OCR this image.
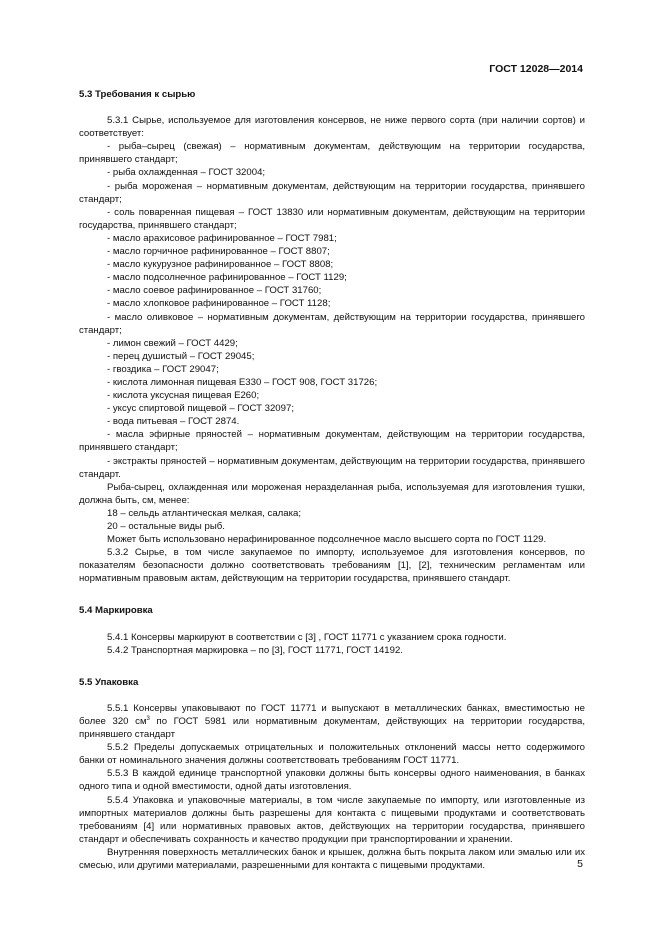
ГОСТ 12028—2014
5.3 Требования к сырью

5.3.1 Сырье, используемое для изготовления консервов, не ниже первого сорта (при наличии сортов) и соответствует:

- рыба–сырец (свежая) – нормативным документам, действующим на территории государства, принявшего стандарт;

- рыба охлажденная – ГОСТ 32004;

- рыба мороженая – нормативным документам, действующим на территории государства, принявшего стандарт;

- соль поваренная пищевая – ГОСТ 13830 или нормативным документам, действующим на территории государства, принявшего стандарт;

- масло арахисовое рафинированное – ГОСТ 7981;

- масло горчичное рафинированное – ГОСТ 8807;

- масло кукурузное рафинированное – ГОСТ 8808;

- масло подсолнечное рафинированное – ГОСТ 1129;

- масло соевое рафинированное – ГОСТ 31760;

- масло хлопковое рафинированное – ГОСТ 1128;

- масло оливковое – нормативным документам, действующим на территории государства, принявшего стандарт;

- лимон свежий – ГОСТ 4429;

- перец душистый – ГОСТ 29045;

- гвоздика – ГОСТ 29047;

- кислота лимонная пищевая Е330 – ГОСТ 908, ГОСТ 31726;

- кислота уксусная пищевая Е260;

- уксус спиртовой пищевой – ГОСТ 32097;

- вода питьевая – ГОСТ 2874.

- масла эфирные пряностей – нормативным документам, действующим на территории государства, принявшего стандарт;

- экстракты пряностей – нормативным документам, действующим на территории государства, принявшего стандарт.

Рыба-сырец, охлажденная или мороженая неразделанная рыба, используемая для изготовления тушки, должна быть, см, менее:

18 – сельдь атлантическая мелкая, салака;

20 – остальные виды рыб.

Может быть использовано нерафинированное подсолнечное масло высшего сорта по ГОСТ 1129.

5.3.2 Сырье, в том числе закупаемое по импорту, используемое для изготовления консервов, по показателям безопасности должно соответствовать требованиям [1], [2], техническим регламентам или нормативным правовым актам, действующим на территории государства, принявшего стандарт.

5.4 Маркировка

5.4.1 Консервы маркируют в соответствии с [3] , ГОСТ 11771 с указанием срока годности.

5.4.2 Транспортная маркировка – по [3], ГОСТ 11771, ГОСТ 14192.

5.5 Упаковка

5.5.1 Консервы упаковывают по ГОСТ 11771 и выпускают в металлических банках, вместимостью не более 320 $см^3$ по ГОСТ 5981 или нормативным документам, действующих на территории государства, принявшего стандарт

5.5.2 Пределы допускаемых отрицательных и положительных отклонений массы нетто содержимого банки от номинального значения должны соответствовать требованиям ГОСТ 11771.

5.5.3 В каждой единице транспортной упаковки должны быть консервы одного наименования, в банках одного типа и одной вместимости, одной даты изготовления.

5.5.4 Упаковка и упаковочные материалы, в том числе закупаемые по импорту, или изготовленные из импортных материалов должны быть разрешены для контакта с пищевыми продуктами и соответствовать требованиям [4] или нормативных правовых актов, действующих на территории государства, принявшего стандарт и обеспечивать сохранность и качество продукции при транспортировании и хранении.

Внутренняя поверхность металлических банок и крышек, должна быть покрыта лаком или эмалью или их смесью, или другими материалами, разрешенными для контакта с пищевыми продуктами.	5
